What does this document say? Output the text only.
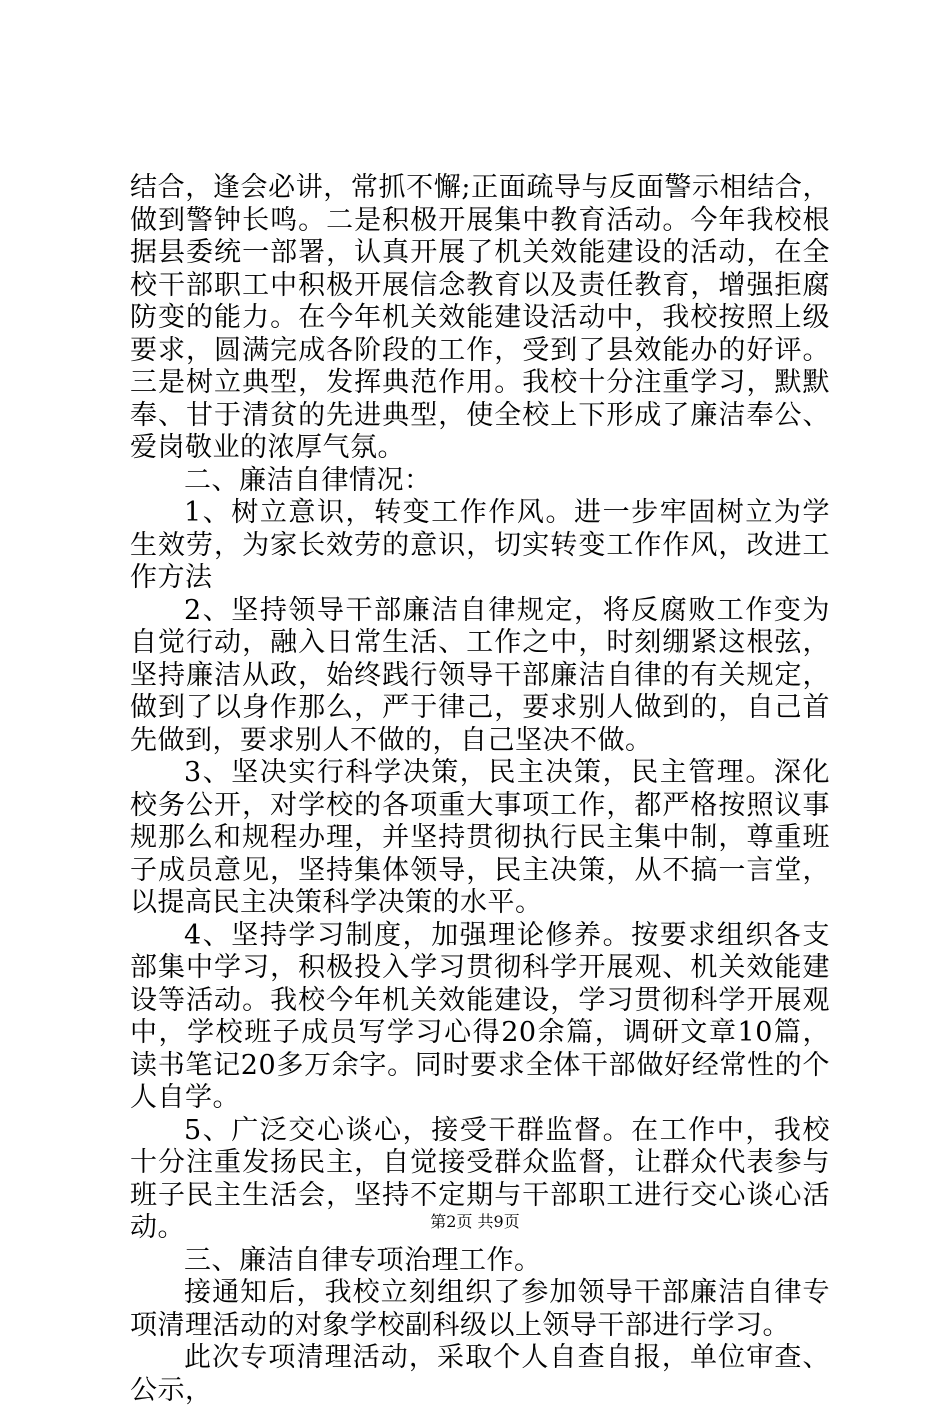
结合，逢会必讲，常抓不懈;正面疏导与反面警示相结合，做到警钟长鸣。二是积极开展集中教育活动。今年我校根据县委统一部署，认真开展了机关效能建设的活动，在全校干部职工中积极开展信念教育以及责任教育，增强拒腐防变的能力。在今年机关效能建设活动中，我校按照上级要求，圆满完成各阶段的工作，受到了县效能办的好评。三是树立典型，发挥典范作用。我校十分注重学习，默默奉、甘于清贫的先进典型，使全校上下形成了廉洁奉公、爱岗敬业的浓厚气氛。

二、廉洁自律情况：

1、树立意识，转变工作作风。进一步牢固树立为学生效劳，为家长效劳的意识，切实转变工作作风，改进工作方法

2、坚持领导干部廉洁自律规定，将反腐败工作变为自觉行动，融入日常生活、工作之中，时刻绷紧这根弦，坚持廉洁从政，始终践行领导干部廉洁自律的有关规定，做到了以身作那么，严于律己，要求别人做到的，自己首先做到，要求别人不做的，自己坚决不做。

3、坚决实行科学决策，民主决策，民主管理。深化校务公开，对学校的各项重大事项工作，都严格按照议事规那么和规程办理，并坚持贯彻执行民主集中制，尊重班子成员意见，坚持集体领导，民主决策，从不搞一言堂，以提高民主决策科学决策的水平。

4、坚持学习制度，加强理论修养。按要求组织各支部集中学习，积极投入学习贯彻科学开展观、机关效能建设等活动。我校今年机关效能建设，学习贯彻科学开展观中，学校班子成员写学习心得20余篇，调研文章10篇，读书笔记20多万余字。同时要求全体干部做好经常性的个人自学。

5、广泛交心谈心，接受干群监督。在工作中，我校十分注重发扬民主，自觉接受群众监督，让群众代表参与班子民主生活会，坚持不定期与干部职工进行交心谈心活动。

三、廉洁自律专项治理工作。

接通知后，我校立刻组织了参加领导干部廉洁自律专项清理活动的对象学校副科级以上领导干部进行学习。

此次专项清理活动，采取个人自查自报，单位审查、公示，

第2页 共9页
